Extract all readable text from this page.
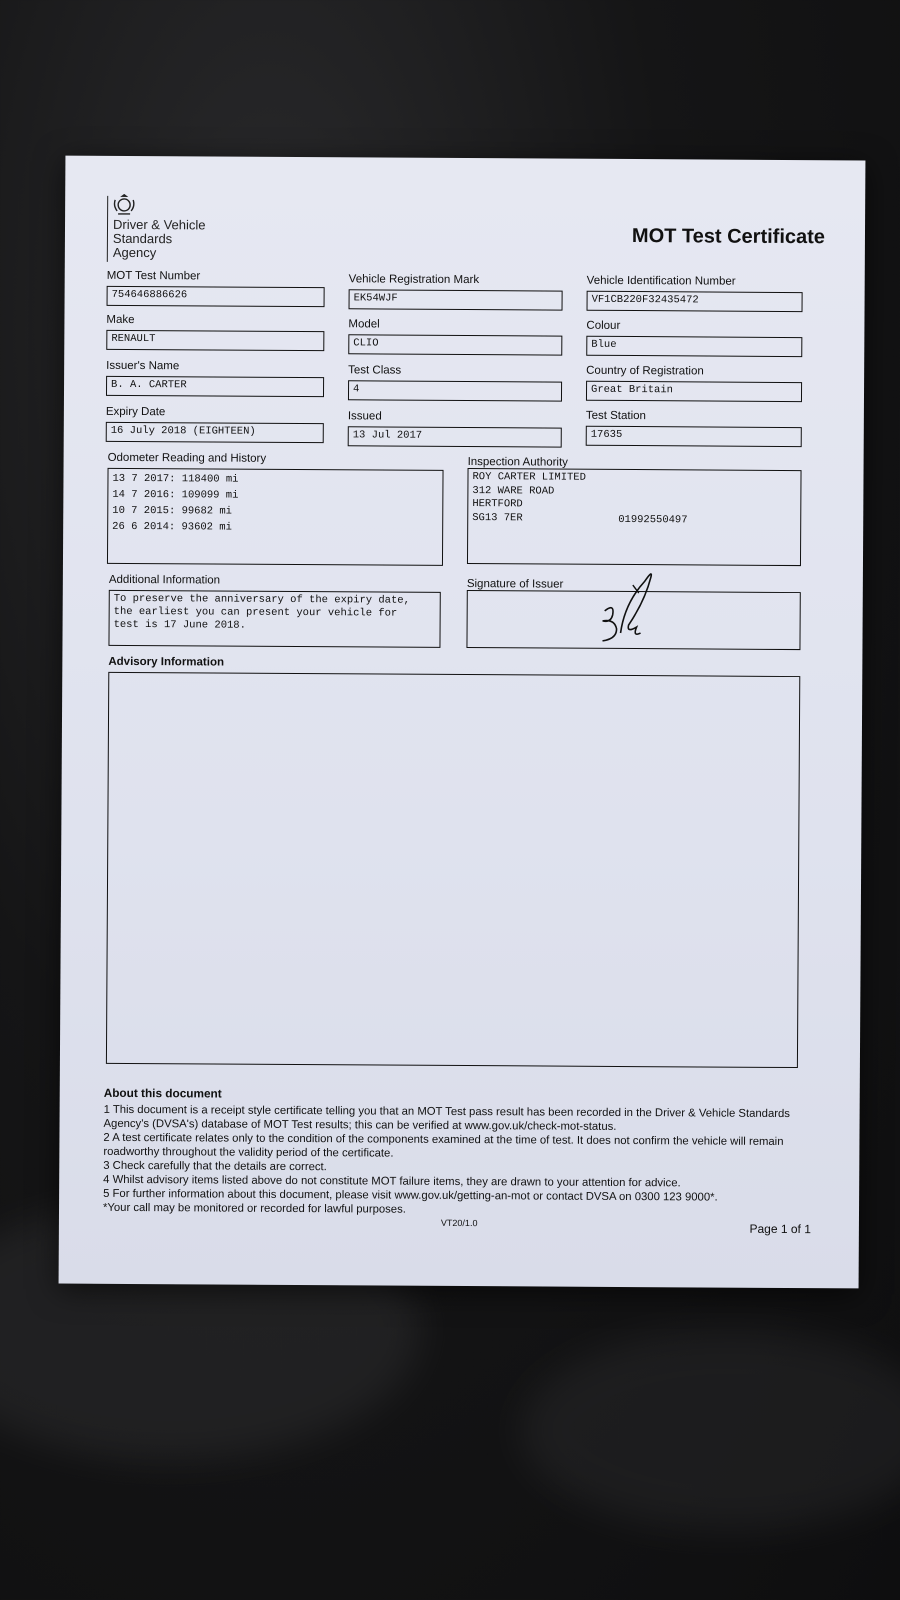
Driver & Vehicle
Standards
Agency
MOT Test Certificate
MOT Test Number
754646886626
Vehicle Registration Mark
EK54WJF
Vehicle Identification Number
VF1CB220F32435472
Make
RENAULT
Model
CLIO
Colour
Blue
Issuer's Name
B. A. CARTER
Test Class
4
Country of Registration
Great Britain
Expiry Date
16 July 2018 (EIGHTEEN)
Issued
13 Jul 2017
Test Station
17635
Odometer Reading and History
13 7 2017: 118400 mi
14 7 2016: 109099 mi
10 7 2015: 99682 mi
26 6 2014: 93602 mi
Inspection Authority
ROY CARTER LIMITED
312 WARE ROAD
HERTFORD
SG13 7ER	01992550497
Additional Information
To preserve the anniversary of the expiry date,
the earliest you can present your vehicle for
test is 17 June 2018.
Signature of Issuer
Advisory Information
About this document
1 This document is a receipt style certificate telling you that an MOT Test pass result has been recorded in the Driver & Vehicle Standards Agency's (DVSA's) database of MOT Test results; this can be verified at www.gov.uk/check-mot-status.
2 A test certificate relates only to the condition of the components examined at the time of test. It does not confirm the vehicle will remain roadworthy throughout the validity period of the certificate.
3 Check carefully that the details are correct.
4 Whilst advisory items listed above do not constitute MOT failure items, they are drawn to your attention for advice.
5 For further information about this document, please visit www.gov.uk/getting-an-mot or contact DVSA on 0300 123 9000*.
*Your call may be monitored or recorded for lawful purposes.
VT20/1.0	Page 1 of 1
